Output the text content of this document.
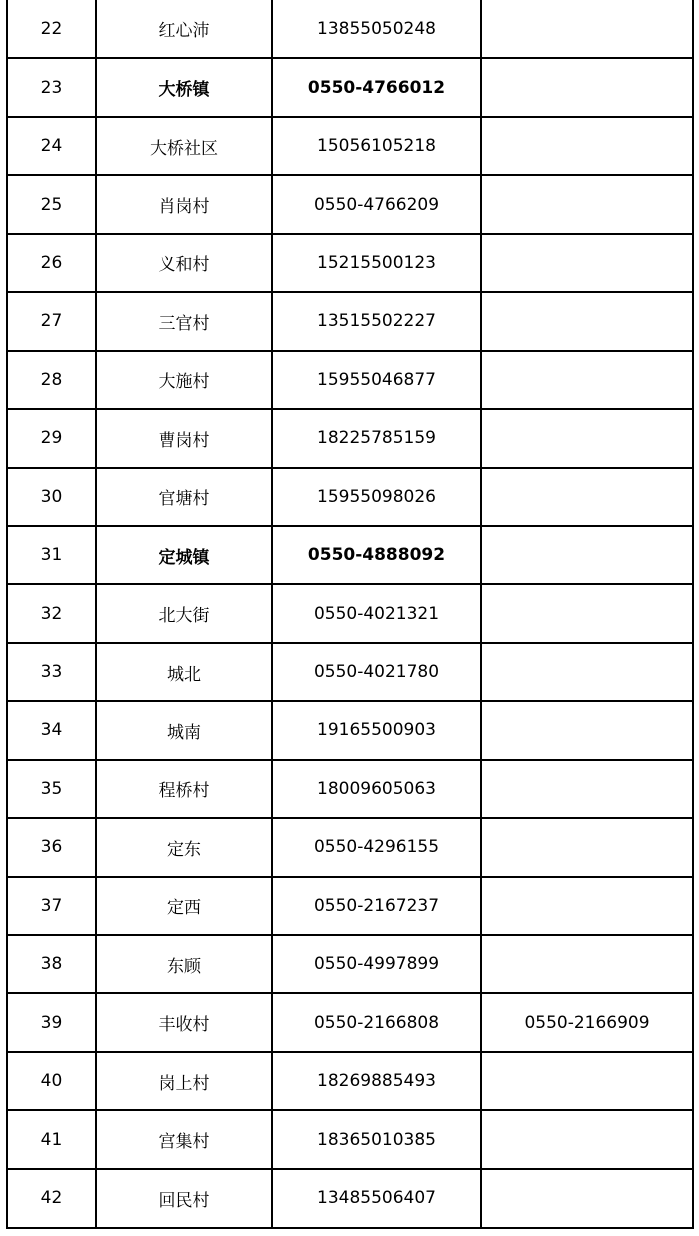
22	红心沛	13855050248	
23	大桥镇	0550-4766012	
24	大桥社区	15056105218	
25	肖岗村	0550-4766209	
26	义和村	15215500123	
27	三官村	13515502227	
28	大施村	15955046877	
29	曹岗村	18225785159	
30	官塘村	15955098026	
31	定城镇	0550-4888092	
32	北大街	0550-4021321	
33	城北	0550-4021780	
34	城南	19165500903	
35	程桥村	18009605063	
36	定东	0550-4296155	
37	定西	0550-2167237	
38	东顾	0550-4997899	
39	丰收村	0550-2166808	0550-2166909
40	岗上村	18269885493	
41	宫集村	18365010385	
42	回民村	13485506407	
